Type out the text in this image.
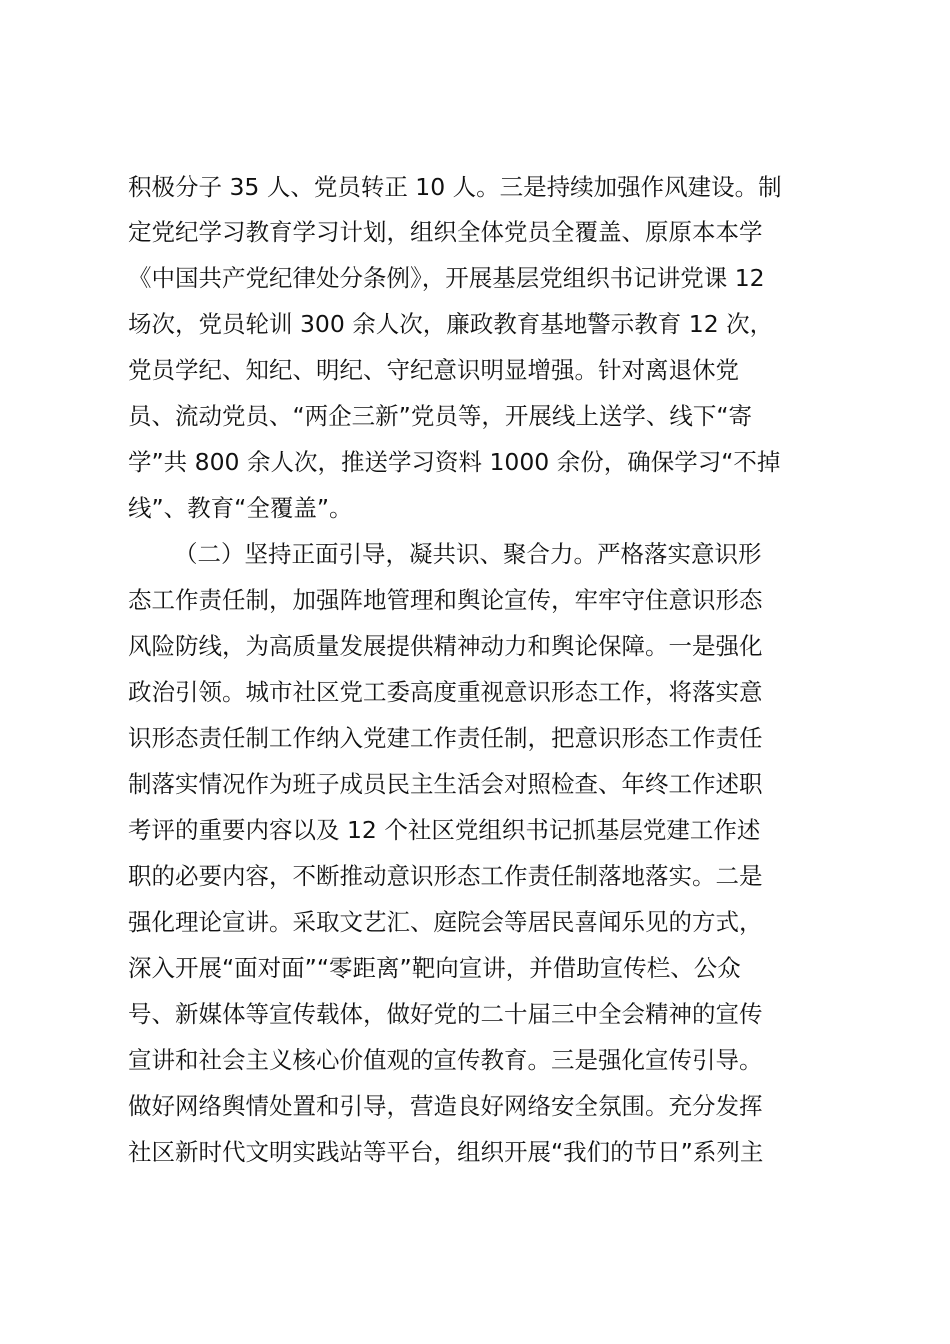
积极分子 35 人、党员转正 10 人。三是持续加强作风建设。制
定党纪学习教育学习计划，组织全体党员全覆盖、原原本本学
《中国共产党纪律处分条例》，开展基层党组织书记讲党课 12
场次，党员轮训 300 余人次，廉政教育基地警示教育 12 次，
党员学纪、知纪、明纪、守纪意识明显增强。针对离退休党
员、流动党员、“两企三新”党员等，开展线上送学、线下“寄
学”共 800 余人次，推送学习资料 1000 余份，确保学习“不掉
线”、教育“全覆盖”。
（二）坚持正面引导，凝共识、聚合力。严格落实意识形
态工作责任制，加强阵地管理和舆论宣传，牢牢守住意识形态
风险防线，为高质量发展提供精神动力和舆论保障。一是强化
政治引领。城市社区党工委高度重视意识形态工作，将落实意
识形态责任制工作纳入党建工作责任制，把意识形态工作责任
制落实情况作为班子成员民主生活会对照检查、年终工作述职
考评的重要内容以及 12 个社区党组织书记抓基层党建工作述
职的必要内容，不断推动意识形态工作责任制落地落实。二是
强化理论宣讲。采取文艺汇、庭院会等居民喜闻乐见的方式，
深入开展“面对面”“零距离”靶向宣讲，并借助宣传栏、公众
号、新媒体等宣传载体，做好党的二十届三中全会精神的宣传
宣讲和社会主义核心价值观的宣传教育。三是强化宣传引导。
做好网络舆情处置和引导，营造良好网络安全氛围。充分发挥
社区新时代文明实践站等平台，组织开展“我们的节日”系列主
